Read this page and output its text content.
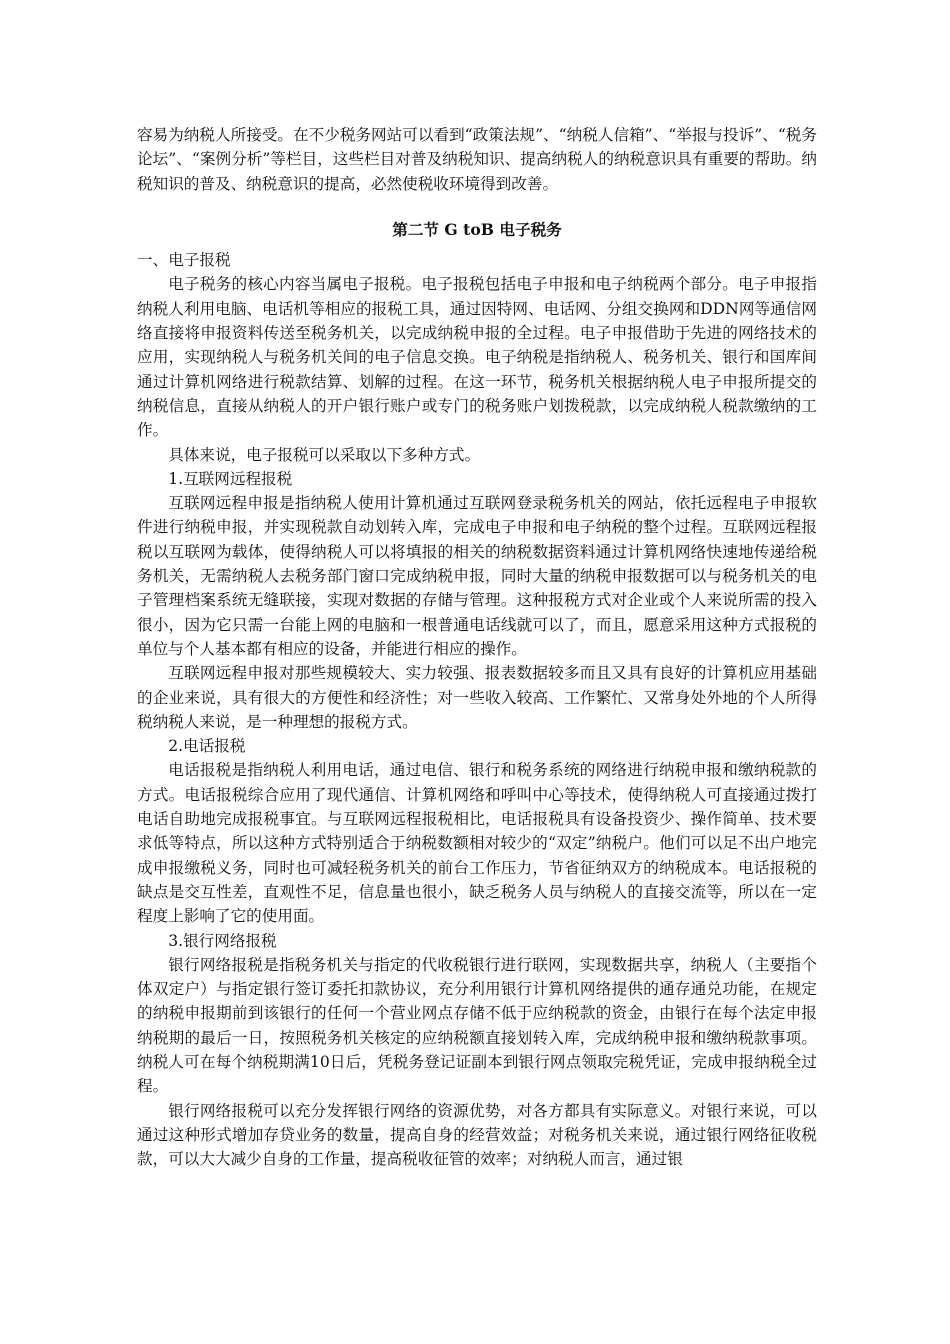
容易为纳税人所接受。在不少税务网站可以看到“政策法规”、“纳税人信箱”、“举报与投诉”、“税务论坛”、“案例分析”等栏目，这些栏目对普及纳税知识、提高纳税人的纳税意识具有重要的帮助。纳税知识的普及、纳税意识的提高，必然使税收环境得到改善。

第二节 G toB 电子税务

一、电子报税

电子税务的核心内容当属电子报税。电子报税包括电子申报和电子纳税两个部分。电子申报指纳税人利用电脑、电话机等相应的报税工具，通过因特网、电话网、分组交换网和DDN网等通信网络直接将申报资料传送至税务机关，以完成纳税申报的全过程。电子申报借助于先进的网络技术的应用，实现纳税人与税务机关间的电子信息交换。电子纳税是指纳税人、税务机关、银行和国库间通过计算机网络进行税款结算、划解的过程。在这一环节，税务机关根据纳税人电子申报所提交的纳税信息，直接从纳税人的开户银行账户或专门的税务账户划拨税款，以完成纳税人税款缴纳的工作。

具体来说，电子报税可以采取以下多种方式。

1.互联网远程报税

互联网远程申报是指纳税人使用计算机通过互联网登录税务机关的网站，依托远程电子申报软件进行纳税申报，并实现税款自动划转入库，完成电子申报和电子纳税的整个过程。互联网远程报税以互联网为载体，使得纳税人可以将填报的相关的纳税数据资料通过计算机网络快速地传递给税务机关，无需纳税人去税务部门窗口完成纳税申报，同时大量的纳税申报数据可以与税务机关的电子管理档案系统无缝联接，实现对数据的存储与管理。这种报税方式对企业或个人来说所需的投入很小，因为它只需一台能上网的电脑和一根普通电话线就可以了，而且，愿意采用这种方式报税的单位与个人基本都有相应的设备，并能进行相应的操作。

互联网远程申报对那些规模较大、实力较强、报表数据较多而且又具有良好的计算机应用基础的企业来说，具有很大的方便性和经济性；对一些收入较高、工作繁忙、又常身处外地的个人所得税纳税人来说，是一种理想的报税方式。

2.电话报税

电话报税是指纳税人利用电话，通过电信、银行和税务系统的网络进行纳税申报和缴纳税款的方式。电话报税综合应用了现代通信、计算机网络和呼叫中心等技术，使得纳税人可直接通过拨打电话自助地完成报税事宜。与互联网远程报税相比，电话报税具有设备投资少、操作简单、技术要求低等特点，所以这种方式特别适合于纳税数额相对较少的“双定”纳税户。他们可以足不出户地完成申报缴税义务，同时也可减轻税务机关的前台工作压力，节省征纳双方的纳税成本。电话报税的缺点是交互性差，直观性不足，信息量也很小，缺乏税务人员与纳税人的直接交流等，所以在一定程度上影响了它的使用面。

3.银行网络报税

银行网络报税是指税务机关与指定的代收税银行进行联网，实现数据共享，纳税人（主要指个体双定户）与指定银行签订委托扣款协议，充分利用银行计算机网络提供的通存通兑功能，在规定的纳税申报期前到该银行的任何一个营业网点存储不低于应纳税款的资金，由银行在每个法定申报纳税期的最后一日，按照税务机关核定的应纳税额直接划转入库，完成纳税申报和缴纳税款事项。纳税人可在每个纳税期满10日后，凭税务登记证副本到银行网点领取完税凭证，完成申报纳税全过程。

银行网络报税可以充分发挥银行网络的资源优势，对各方都具有实际意义。对银行来说，可以通过这种形式增加存贷业务的数量，提高自身的经营效益；对税务机关来说，通过银行网络征收税款，可以大大减少自身的工作量，提高税收征管的效率；对纳税人而言，通过银
